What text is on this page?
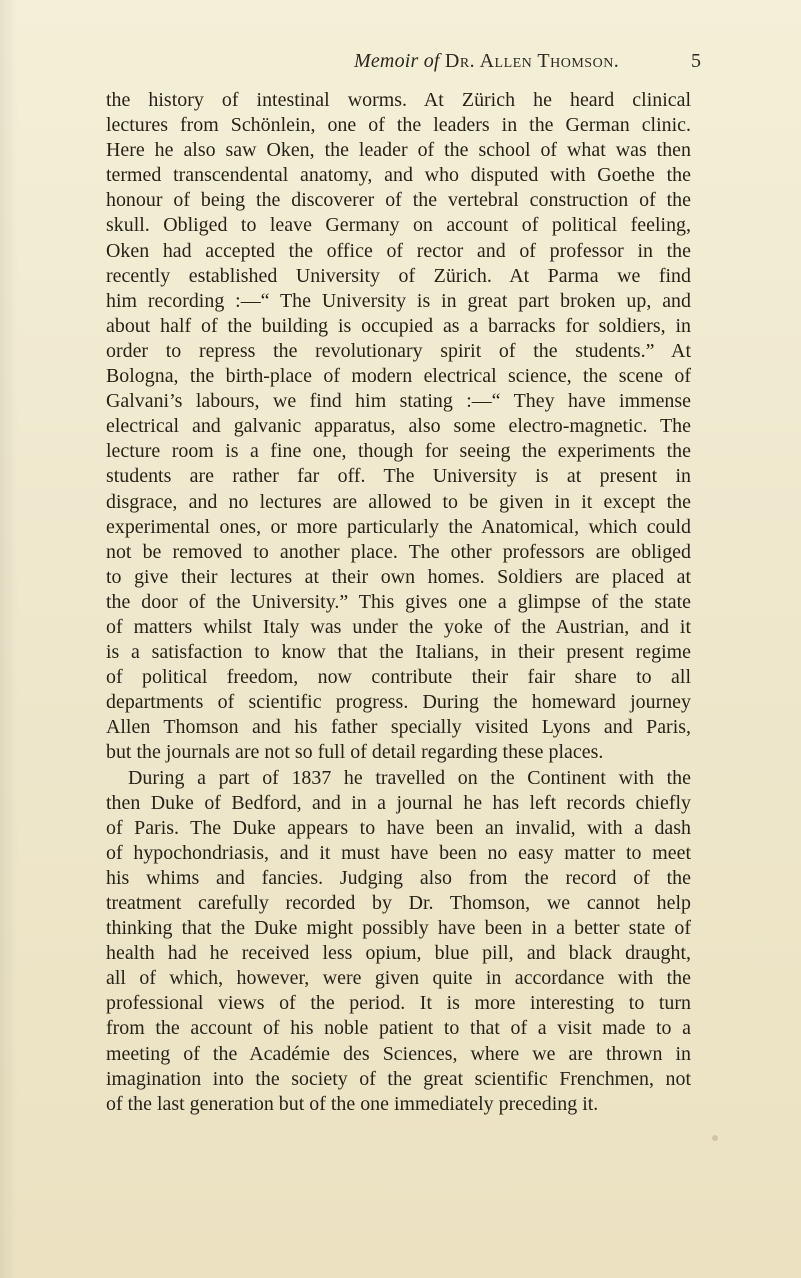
Memoir of Dr. Allen Thomson.	5
the history of intestinal worms. At Zürich he heard clinical
lectures from Schönlein, one of the leaders in the German clinic.
Here he also saw Oken, the leader of the school of what was then
termed transcendental anatomy, and who disputed with Goethe the
honour of being the discoverer of the vertebral construction of the
skull. Obliged to leave Germany on account of political feeling,
Oken had accepted the office of rector and of professor in the
recently established University of Zürich. At Parma we find
him recording :—“ The University is in great part broken up, and
about half of the building is occupied as a barracks for soldiers, in
order to repress the revolutionary spirit of the students.” At
Bologna, the birth-place of modern electrical science, the scene of
Galvani’s labours, we find him stating :—“ They have immense
electrical and galvanic apparatus, also some electro-magnetic. The
lecture room is a fine one, though for seeing the experiments the
students are rather far off. The University is at present in
disgrace, and no lectures are allowed to be given in it except the
experimental ones, or more particularly the Anatomical, which could
not be removed to another place. The other professors are obliged
to give their lectures at their own homes. Soldiers are placed at
the door of the University.” This gives one a glimpse of the state
of matters whilst Italy was under the yoke of the Austrian, and it
is a satisfaction to know that the Italians, in their present regime
of political freedom, now contribute their fair share to all
departments of scientific progress. During the homeward journey
Allen Thomson and his father specially visited Lyons and Paris,
but the journals are not so full of detail regarding these places.
During a part of 1837 he travelled on the Continent with the
then Duke of Bedford, and in a journal he has left records chiefly
of Paris. The Duke appears to have been an invalid, with a dash
of hypochondriasis, and it must have been no easy matter to meet
his whims and fancies. Judging also from the record of the
treatment carefully recorded by Dr. Thomson, we cannot help
thinking that the Duke might possibly have been in a better state of
health had he received less opium, blue pill, and black draught,
all of which, however, were given quite in accordance with the
professional views of the period. It is more interesting to turn
from the account of his noble patient to that of a visit made to a
meeting of the Académie des Sciences, where we are thrown in
imagination into the society of the great scientific Frenchmen, not
of the last generation but of the one immediately preceding it.
